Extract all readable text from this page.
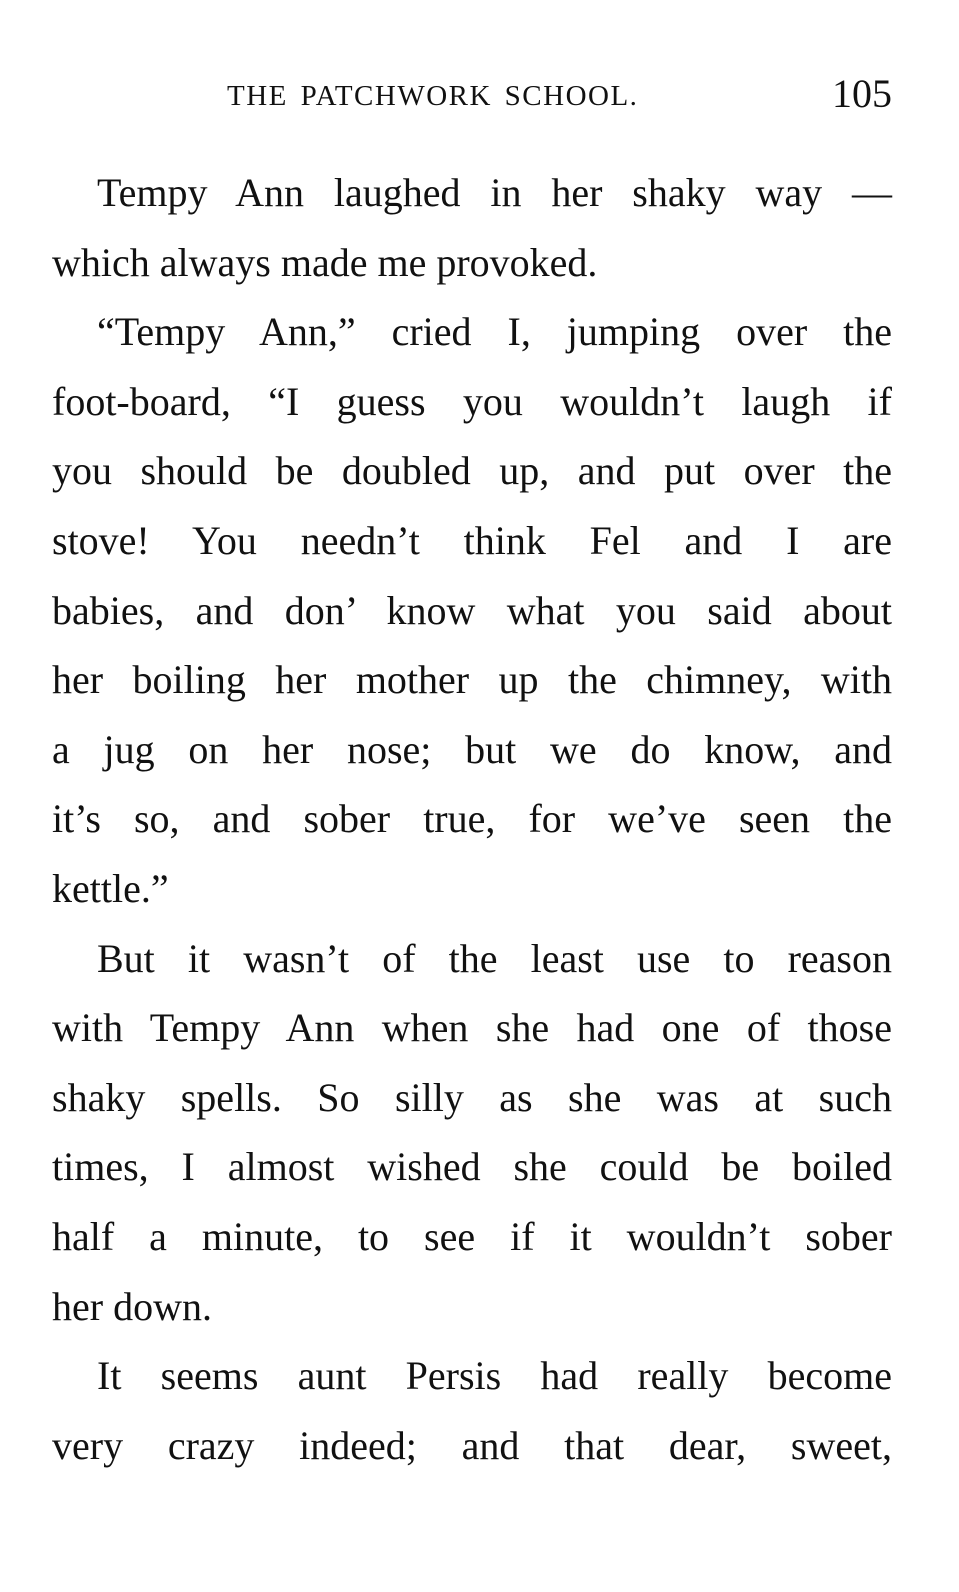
THE PATCHWORK SCHOOL.	105
Tempy Ann laughed in her shaky way —
which always made me provoked.
“Tempy Ann,” cried I, jumping over the
foot-board, “I guess you wouldn’t laugh if
you should be doubled up, and put over the
stove! You needn’t think Fel and I are
babies, and don’ know what you said about
her boiling her mother up the chimney, with
a jug on her nose; but we do know, and
it’s so, and sober true, for we’ve seen the
kettle.”
But it wasn’t of the least use to reason
with Tempy Ann when she had one of those
shaky spells. So silly as she was at such
times, I almost wished she could be boiled
half a minute, to see if it wouldn’t sober
her down.
It seems aunt Persis had really become
very crazy indeed; and that dear, sweet,
